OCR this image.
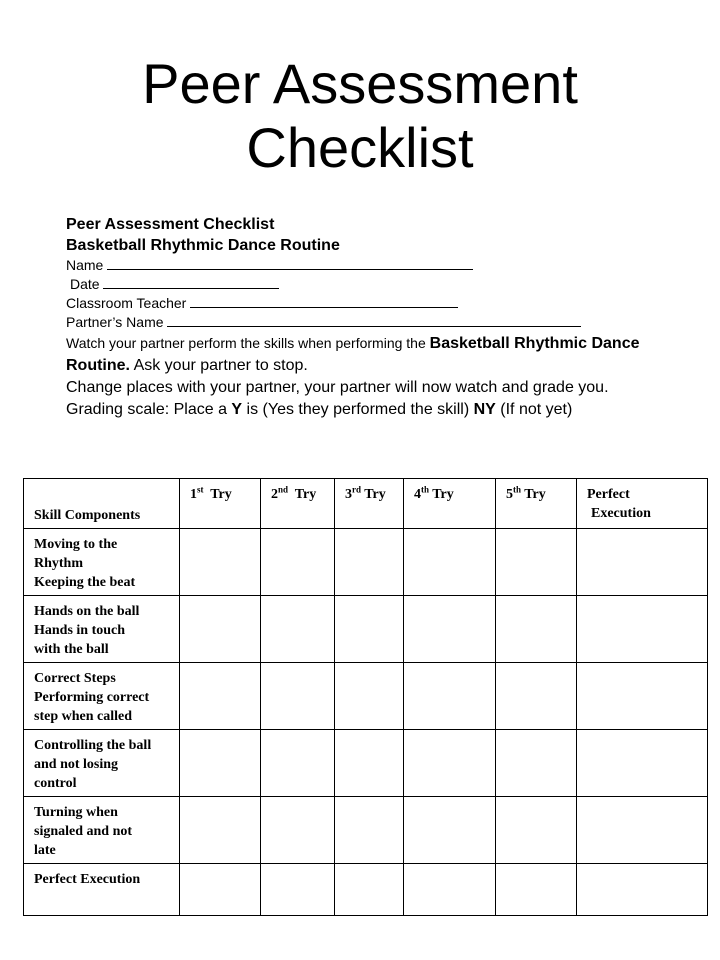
Peer Assessment
Checklist
Peer Assessment Checklist
Basketball Rhythmic Dance Routine
Name
Date
Classroom Teacher
Partner’s Name
Watch your partner perform the skills when performing the Basketball Rhythmic Dance Routine. Ask your partner to stop.
Change places with your partner, your partner will now watch and grade you.
Grading scale: Place a Y is (Yes they performed the skill) NY (If not yet)
Skill Components	1st  Try	2nd  Try	3rd Try	4th Try	5th Try	Perfect
Execution

Moving to the
Rhythm
Keeping the beat						

Hands on the ball
Hands in touch
with the ball						

Correct Steps
Performing correct
step when called						

Controlling the ball
and not losing
control						

Turning when
signaled and not
late						

Perfect Execution						
